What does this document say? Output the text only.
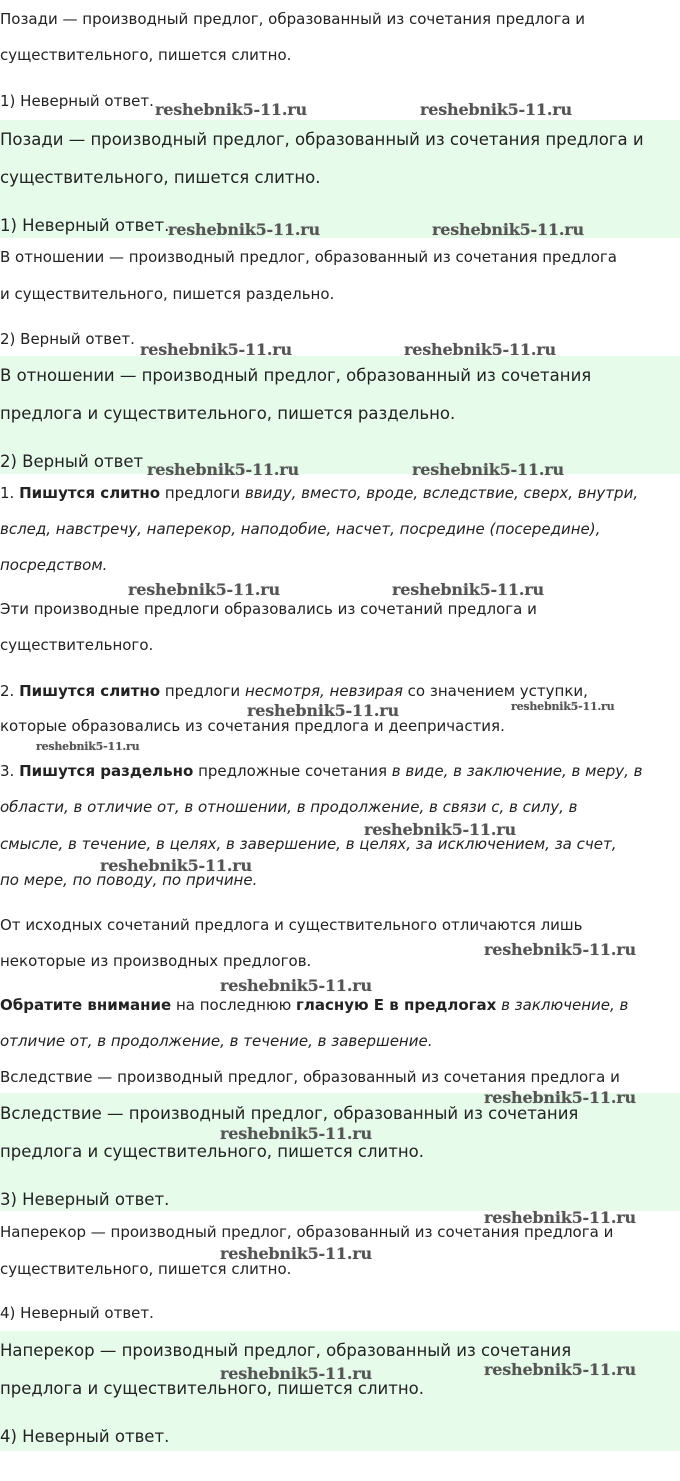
Позади — производный предлог, образованный из сочетания предлога и
существительного, пишется слитно.
1) Неверный ответ.
Позади — производный предлог, образованный из сочетания предлога и
существительного, пишется слитно.
1) Неверный ответ.
В отношении — производный предлог, образованный из сочетания предлога
и существительного, пишется раздельно.
2) Верный ответ.
В отношении — производный предлог, образованный из сочетания
предлога и существительного, пишется раздельно.
2) Верный ответ
1. Пишутся слитно предлоги ввиду, вместо, вроде, вследствие, сверх, внутри,
вслед, навстречу, наперекор, наподобие, насчет, посредине (посередине),
посредством.
Эти производные предлоги образовались из сочетаний предлога и
существительного.
2. Пишутся слитно предлоги несмотря, невзирая со значением уступки,
которые образовались из сочетания предлога и деепричастия.
3. Пишутся раздельно предложные сочетания в виде, в заключение, в меру, в
области, в отличие от, в отношении, в продолжение, в связи с, в силу, в
смысле, в течение, в целях, в завершение, в целях, за исключением, за счет,
по мере, по поводу, по причине.
От исходных сочетаний предлога и существительного отличаются лишь
некоторые из производных предлогов.
Обратите внимание на последнюю гласную Е в предлогах в заключение, в
отличие от, в продолжение, в течение, в завершение.
Вследствие — производный предлог, образованный из сочетания предлога и
Вследствие — производный предлог, образованный из сочетания
предлога и существительного, пишется слитно.
3) Неверный ответ.
Наперекор — производный предлог, образованный из сочетания предлога и
существительного, пишется слитно.
4) Неверный ответ.
Наперекор — производный предлог, образованный из сочетания
предлога и существительного, пишется слитно.
4) Неверный ответ.
reshebnik5-11.ru	reshebnik5-11.ru
reshebnik5-11.ru	reshebnik5-11.ru
reshebnik5-11.ru	reshebnik5-11.ru
reshebnik5-11.ru	reshebnik5-11.ru
reshebnik5-11.ru	reshebnik5-11.ru
reshebnik5-11.ru	reshebnik5-11.ru
reshebnik5-11.ru
reshebnik5-11.ru
reshebnik5-11.ru
reshebnik5-11.ru
reshebnik5-11.ru
reshebnik5-11.ru
reshebnik5-11.ru
reshebnik5-11.ru
reshebnik5-11.ru
reshebnik5-11.ru
reshebnik5-11.ru
